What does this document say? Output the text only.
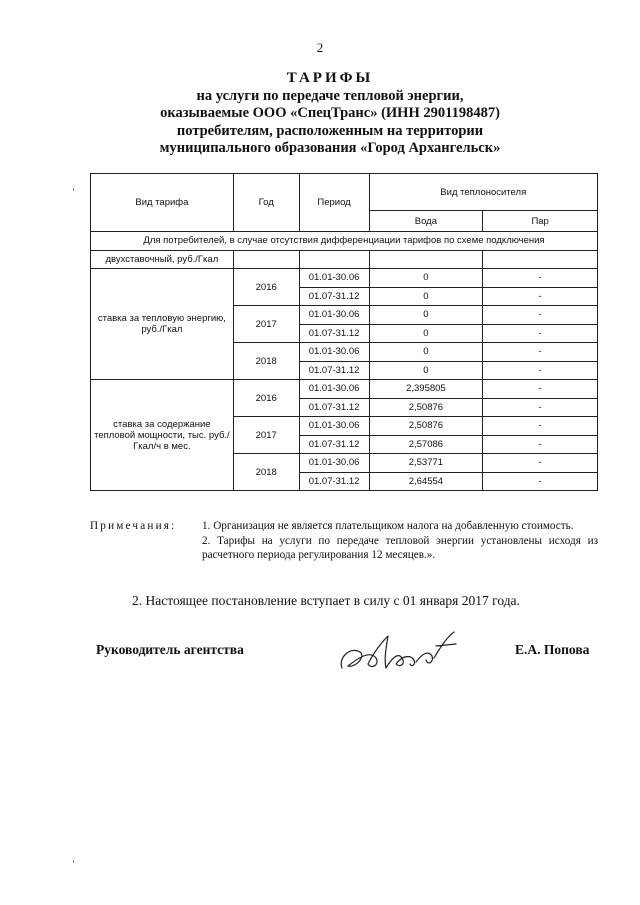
2
ТАРИФЫ
на услуги по передаче тепловой энергии,
оказываемые ООО «СпецТранс» (ИНН 2901198487)
потребителям, расположенным на территории
муниципального образования «Город Архангельск»
Вид тарифа	Год	Период	Вид теплоносителя	
			Вода	Пар
Для потребителей, в случае отсутствия дифференциации тарифов по схеме подключения				
двухставочный, руб./Гкал				
ставка за тепловую энергию, руб./Гкал	2016	01.01-30.06	0	-
		01.07-31.12	0	-
	2017	01.01-30.06	0	-
		01.07-31.12	0	-
	2018	01.01-30.06	0	-
		01.07-31.12	0	-
ставка за содержание тепловой мощности, тыс. руб./Гкал/ч в мес.	2016	01.01-30.06	2,395805	-
		01.07-31.12	2,50876	-
	2017	01.01-30.06	2,50876	-
		01.07-31.12	2,57086	-
	2018	01.01-30.06	2,53771	-
		01.07-31.12	2,64554	-
Примечания: 1. Организация не является плательщиком налога на добавленную стоимость.

2. Тарифы на услуги по передаче тепловой энергии установлены исходя из расчетного периода регулирования 12 месяцев.».

2. Настоящее постановление вступает в силу с 01 января 2017 года.
Руководитель агентства	Е.А. Попова
